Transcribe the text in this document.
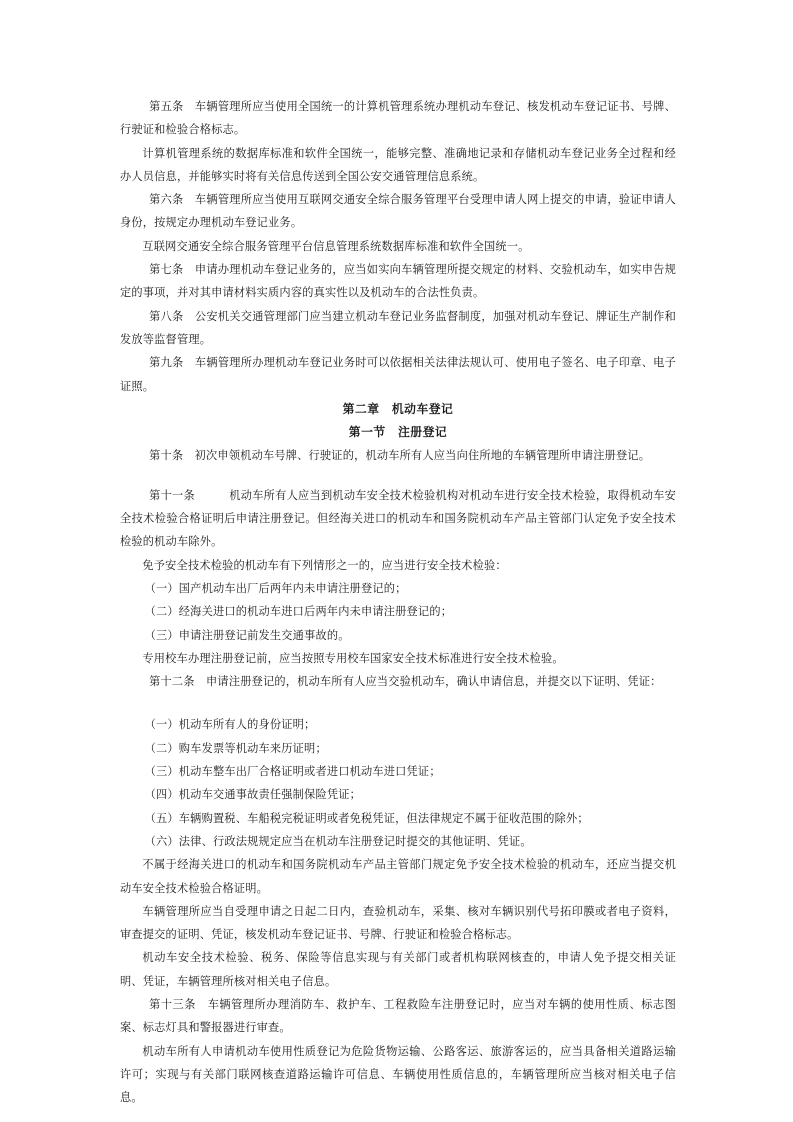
第五条　车辆管理所应当使用全国统一的计算机管理系统办理机动车登记、核发机动车登记证书、号牌、行驶证和检验合格标志。

计算机管理系统的数据库标准和软件全国统一，能够完整、准确地记录和存储机动车登记业务全过程和经办人员信息，并能够实时将有关信息传送到全国公安交通管理信息系统。

第六条　车辆管理所应当使用互联网交通安全综合服务管理平台受理申请人网上提交的申请，验证申请人身份，按规定办理机动车登记业务。

互联网交通安全综合服务管理平台信息管理系统数据库标准和软件全国统一。

第七条　申请办理机动车登记业务的，应当如实向车辆管理所提交规定的材料、交验机动车，如实申告规定的事项，并对其申请材料实质内容的真实性以及机动车的合法性负责。

第八条　公安机关交通管理部门应当建立机动车登记业务监督制度，加强对机动车登记、牌证生产制作和发放等监督管理。

第九条　车辆管理所办理机动车登记业务时可以依据相关法律法规认可、使用电子签名、电子印章、电子证照。

第二章　机动车登记

第一节　注册登记

第十条　初次申领机动车号牌、行驶证的，机动车所有人应当向住所地的车辆管理所申请注册登记。

第十一条　　　机动车所有人应当到机动车安全技术检验机构对机动车进行安全技术检验，取得机动车安全技术检验合格证明后申请注册登记。但经海关进口的机动车和国务院机动车产品主管部门认定免予安全技术检验的机动车除外。

免予安全技术检验的机动车有下列情形之一的，应当进行安全技术检验：

（一）国产机动车出厂后两年内未申请注册登记的；

（二）经海关进口的机动车进口后两年内未申请注册登记的；

（三）申请注册登记前发生交通事故的。

专用校车办理注册登记前，应当按照专用校车国家安全技术标准进行安全技术检验。

第十二条　申请注册登记的，机动车所有人应当交验机动车，确认申请信息，并提交以下证明、凭证：

（一）机动车所有人的身份证明；

（二）购车发票等机动车来历证明；

（三）机动车整车出厂合格证明或者进口机动车进口凭证；

（四）机动车交通事故责任强制保险凭证；

（五）车辆购置税、车船税完税证明或者免税凭证，但法律规定不属于征收范围的除外；

（六）法律、行政法规规定应当在机动车注册登记时提交的其他证明、凭证。

不属于经海关进口的机动车和国务院机动车产品主管部门规定免予安全技术检验的机动车，还应当提交机动车安全技术检验合格证明。

车辆管理所应当自受理申请之日起二日内，查验机动车，采集、核对车辆识别代号拓印膜或者电子资料，审查提交的证明、凭证，核发机动车登记证书、号牌、行驶证和检验合格标志。

机动车安全技术检验、税务、保险等信息实现与有关部门或者机构联网核查的，申请人免予提交相关证明、凭证，车辆管理所核对相关电子信息。

第十三条　车辆管理所办理消防车、救护车、工程救险车注册登记时，应当对车辆的使用性质、标志图案、标志灯具和警报器进行审查。

机动车所有人申请机动车使用性质登记为危险货物运输、公路客运、旅游客运的，应当具备相关道路运输许可；实现与有关部门联网核查道路运输许可信息、车辆使用性质信息的，车辆管理所应当核对相关电子信息。
